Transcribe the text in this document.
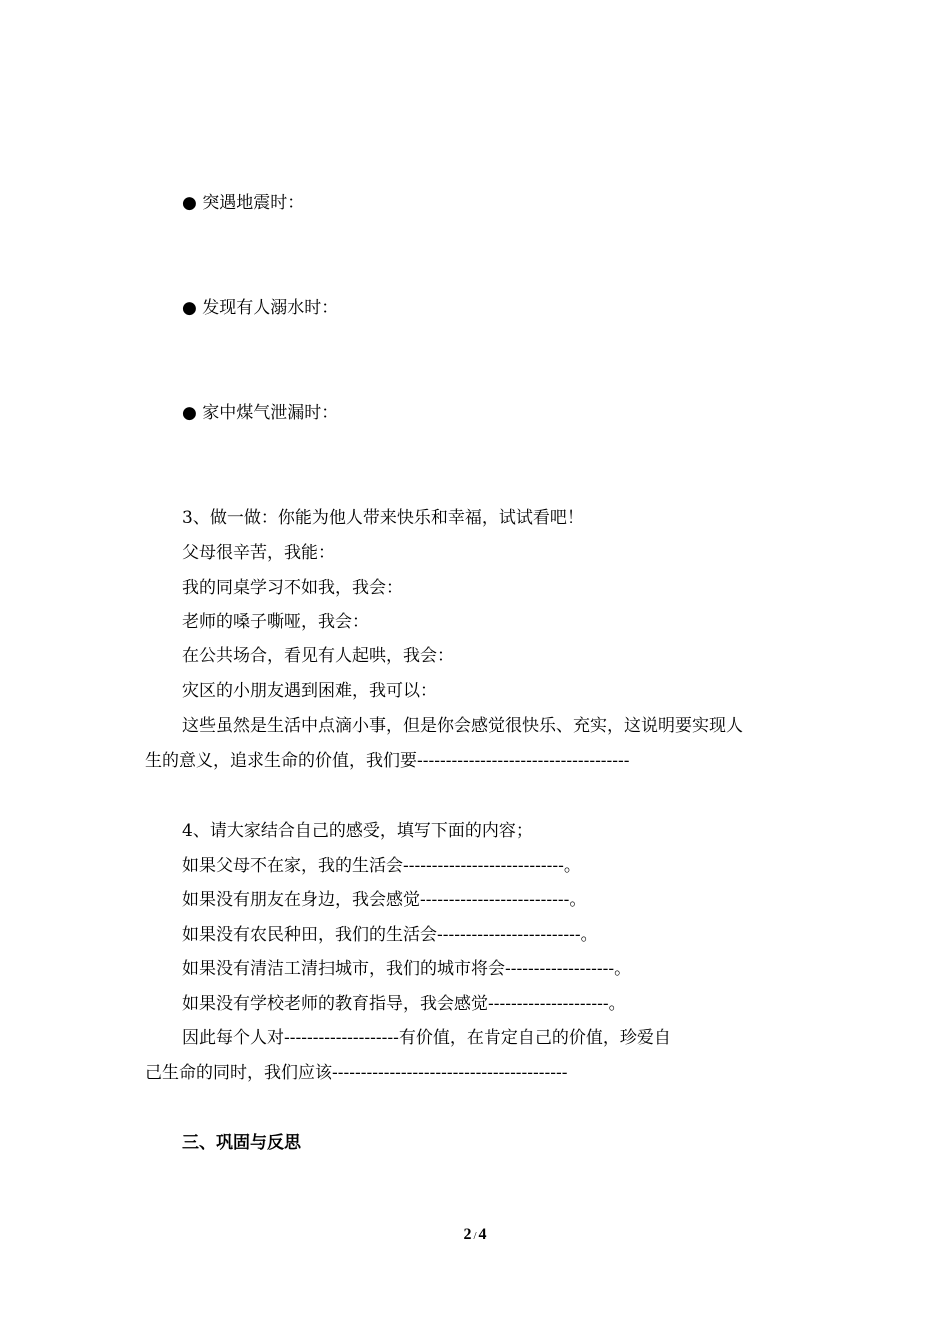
● 突遇地震时：
● 发现有人溺水时：
● 家中煤气泄漏时：
3、做一做：你能为他人带来快乐和幸福，试试看吧！
父母很辛苦，我能：
我的同桌学习不如我，我会：
老师的嗓子嘶哑，我会：
在公共场合，看见有人起哄，我会：
灾区的小朋友遇到困难，我可以：
这些虽然是生活中点滴小事，但是你会感觉很快乐、充实，这说明要实现人
生的意义，追求生命的价值，我们要-------------------------------------
4、请大家结合自己的感受，填写下面的内容；
如果父母不在家，我的生活会----------------------------。
如果没有朋友在身边，我会感觉--------------------------。
如果没有农民种田，我们的生活会-------------------------。
如果没有清洁工清扫城市，我们的城市将会-------------------。
如果没有学校老师的教育指导，我会感觉---------------------。
因此每个人对--------------------有价值，在肯定自己的价值，珍爱自
己生命的同时，我们应该-----------------------------------------
三、巩固与反思
2 / 4
